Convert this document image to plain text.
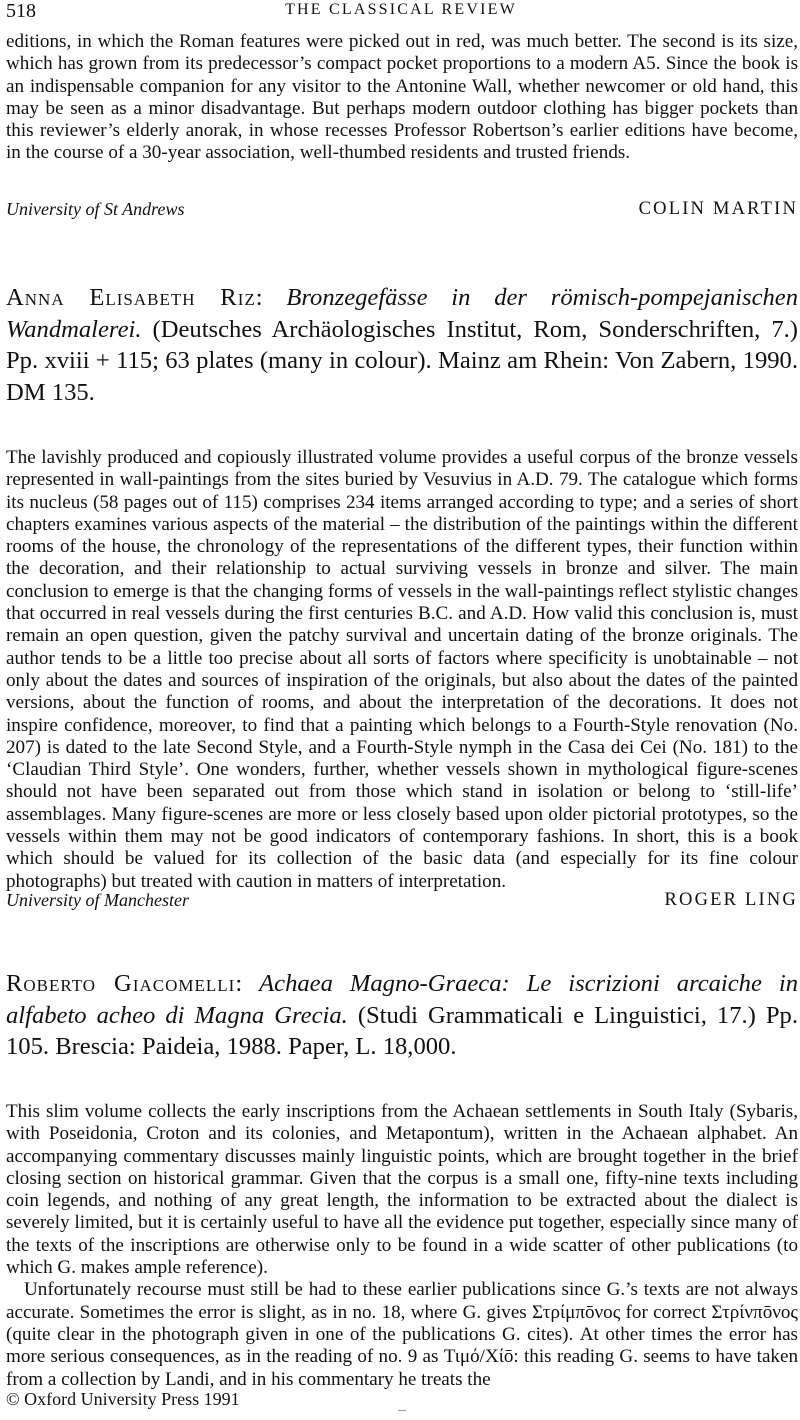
518	THE CLASSICAL REVIEW

editions, in which the Roman features were picked out in red, was much better. The second is its size, which has grown from its predecessor’s compact pocket proportions to a modern A5. Since the book is an indispensable companion for any visitor to the Antonine Wall, whether newcomer or old hand, this may be seen as a minor disadvantage. But perhaps modern outdoor clothing has bigger pockets than this reviewer’s elderly anorak, in whose recesses Professor Robertson’s earlier editions have become, in the course of a 30-year association, well-thumbed residents and trusted friends.

University of St Andrews	COLIN MARTIN
Anna Elisabeth Riz: Bronzegefässe in der römisch-pompejanischen Wandmalerei. (Deutsches Archäologisches Institut, Rom, Sonderschriften, 7.) Pp. xviii + 115; 63 plates (many in colour). Mainz am Rhein: Von Zabern, 1990. DM 135.

The lavishly produced and copiously illustrated volume provides a useful corpus of the bronze vessels represented in wall-paintings from the sites buried by Vesuvius in A.D. 79. The catalogue which forms its nucleus (58 pages out of 115) comprises 234 items arranged according to type; and a series of short chapters examines various aspects of the material – the distribution of the paintings within the different rooms of the house, the chronology of the representations of the different types, their function within the decoration, and their relationship to actual surviving vessels in bronze and silver. The main conclusion to emerge is that the changing forms of vessels in the wall-paintings reflect stylistic changes that occurred in real vessels during the first centuries B.C. and A.D. How valid this conclusion is, must remain an open question, given the patchy survival and uncertain dating of the bronze originals. The author tends to be a little too precise about all sorts of factors where specificity is unobtainable – not only about the dates and sources of inspiration of the originals, but also about the dates of the painted versions, about the function of rooms, and about the interpretation of the decorations. It does not inspire confidence, moreover, to find that a painting which belongs to a Fourth-Style renovation (No. 207) is dated to the late Second Style, and a Fourth-Style nymph in the Casa dei Cei (No. 181) to the ‘Claudian Third Style’. One wonders, further, whether vessels shown in mythological figure-scenes should not have been separated out from those which stand in isolation or belong to ‘still-life’ assemblages. Many figure-scenes are more or less closely based upon older pictorial prototypes, so the vessels within them may not be good indicators of contemporary fashions. In short, this is a book which should be valued for its collection of the basic data (and especially for its fine colour photographs) but treated with caution in matters of interpretation.

University of Manchester	ROGER LING
Roberto Giacomelli: Achaea Magno-Graeca: Le iscrizioni arcaiche in alfabeto acheo di Magna Grecia. (Studi Grammaticali e Linguistici, 17.) Pp. 105. Brescia: Paideia, 1988. Paper, L. 18,000.

This slim volume collects the early inscriptions from the Achaean settlements in South Italy (Sybaris, with Poseidonia, Croton and its colonies, and Metapontum), written in the Achaean alphabet. An accompanying commentary discusses mainly linguistic points, which are brought together in the brief closing section on historical grammar. Given that the corpus is a small one, fifty-nine texts including coin legends, and nothing of any great length, the information to be extracted about the dialect is severely limited, but it is certainly useful to have all the evidence put together, especially since many of the texts of the inscriptions are otherwise only to be found in a wide scatter of other publications (to which G. makes ample reference).

Unfortunately recourse must still be had to these earlier publications since G.’s texts are not always accurate. Sometimes the error is slight, as in no. 18, where G. gives Στρίμπōνος for correct Στρίνπōνος (quite clear in the photograph given in one of the publications G. cites). At other times the error has more serious consequences, as in the reading of no. 9 as Τιμό/Χίō: this reading G. seems to have taken from a collection by Landi, and in his commentary he treats the

© Oxford University Press 1991
